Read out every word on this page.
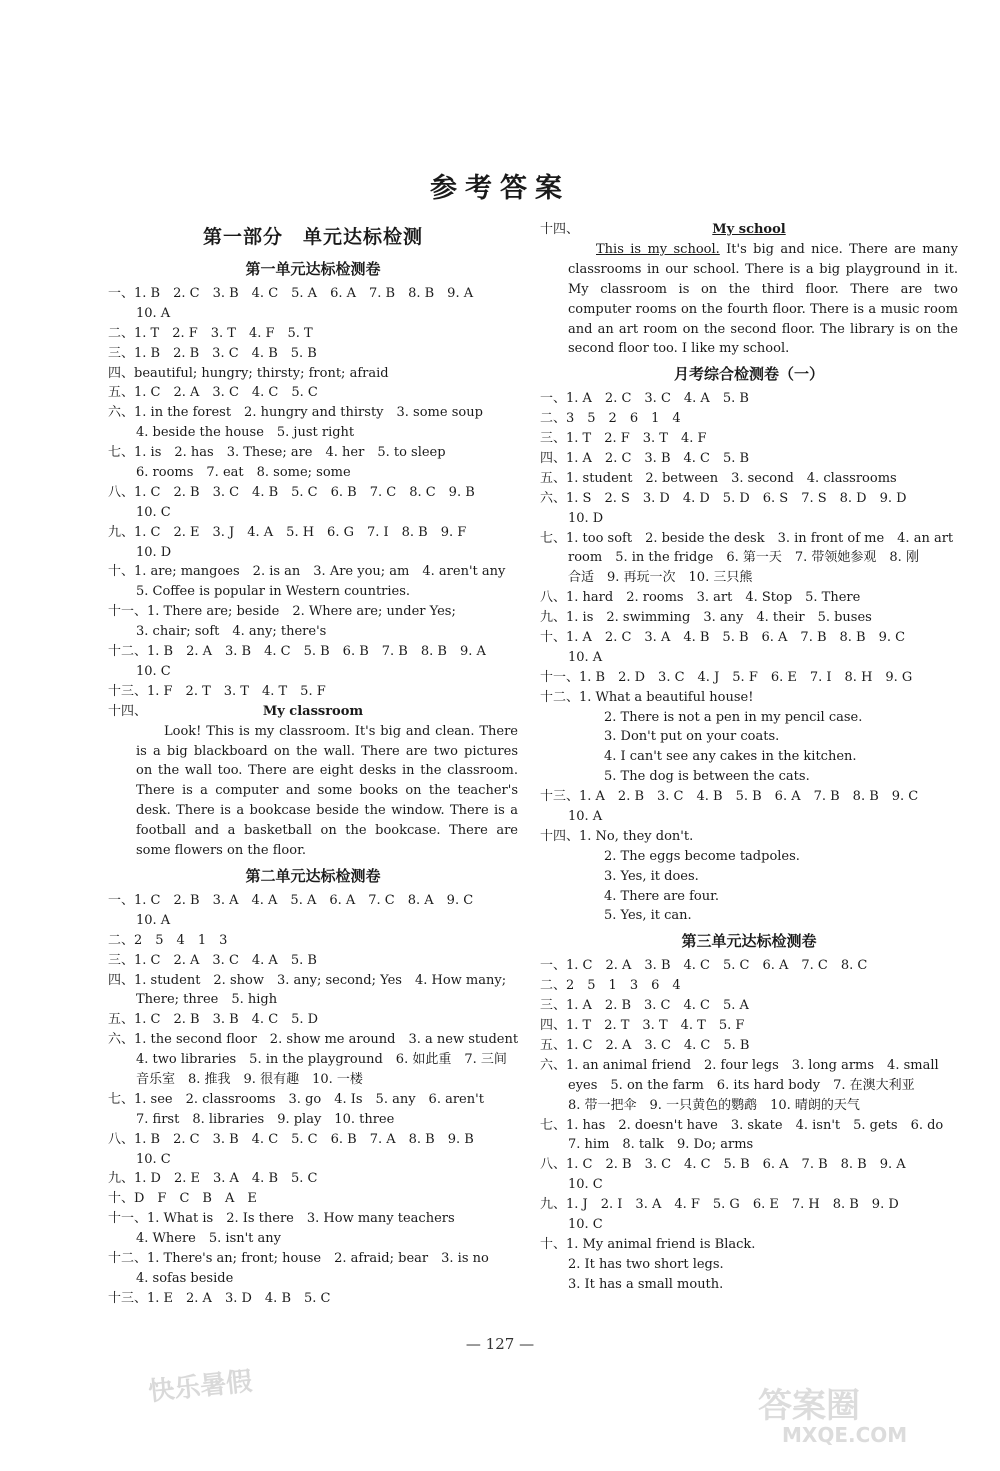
参考答案
第一部分　单元达标检测
第一单元达标检测卷
一、1. B　2. C　3. B　4. C　5. A　6. A　7. B　8. B　9. A
10. A
二、1. T　2. F　3. T　4. F　5. T
三、1. B　2. B　3. C　4. B　5. B
四、beautiful; hungry; thirsty; front; afraid
五、1. C　2. A　3. C　4. C　5. C
六、1. in the forest　2. hungry and thirsty　3. some soup
4. beside the house　5. just right
七、1. is　2. has　3. These; are　4. her　5. to sleep
6. rooms　7. eat　8. some; some
八、1. C　2. B　3. C　4. B　5. C　6. B　7. C　8. C　9. B
10. C
九、1. C　2. E　3. J　4. A　5. H　6. G　7. I　8. B　9. F
10. D
十、1. are; mangoes　2. is an　3. Are you; am　4. aren't any
5. Coffee is popular in Western countries.
十一、1. There are; beside　2. Where are; under Yes;
3. chair; soft　4. any; there's
十二、1. B　2. A　3. B　4. C　5. B　6. B　7. B　8. B　9. A
10. C
十三、1. F　2. T　3. T　4. T　5. F
十四、	My classroom
Look! This is my classroom. It's big and clean. There is a big blackboard on the wall. There are two pictures on the wall too. There are eight desks in the classroom. There is a computer and some books on the teacher's desk. There is a bookcase beside the window. There is a football and a basketball on the bookcase. There are some flowers on the floor.
第二单元达标检测卷
一、1. C　2. B　3. A　4. A　5. A　6. A　7. C　8. A　9. C
10. A
二、2　5　4　1　3
三、1. C　2. A　3. C　4. A　5. B
四、1. student　2. show　3. any; second; Yes　4. How many;
There; three　5. high
五、1. C　2. B　3. B　4. C　5. D
六、1. the second floor　2. show me around　3. a new student
4. two libraries　5. in the playground　6. 如此重　7. 三间
音乐室　8. 推我　9. 很有趣　10. 一楼
七、1. see　2. classrooms　3. go　4. Is　5. any　6. aren't
7. first　8. libraries　9. play　10. three
八、1. B　2. C　3. B　4. C　5. C　6. B　7. A　8. B　9. B
10. C
九、1. D　2. E　3. A　4. B　5. C
十、D　F　C　B　A　E
十一、1. What is　2. Is there　3. How many teachers
4. Where　5. isn't any
十二、1. There's an; front; house　2. afraid; bear　3. is no
4. sofas beside
十三、1. E　2. A　3. D　4. B　5. C
十四、	My school
This is my school. It's big and nice. There are many classrooms in our school. There is a big playground in it. My classroom is on the third floor. There are two computer rooms on the fourth floor. There is a music room and an art room on the second floor. The library is on the second floor too. I like my school.
月考综合检测卷（一）
一、1. A　2. C　3. C　4. A　5. B
二、3　5　2　6　1　4
三、1. T　2. F　3. T　4. F
四、1. A　2. C　3. B　4. C　5. B
五、1. student　2. between　3. second　4. classrooms
六、1. S　2. S　3. D　4. D　5. D　6. S　7. S　8. D　9. D
10. D
七、1. too soft　2. beside the desk　3. in front of me　4. an art
room　5. in the fridge　6. 第一天　7. 带领她参观　8. 刚
合适　9. 再玩一次　10. 三只熊
八、1. hard　2. rooms　3. art　4. Stop　5. There
九、1. is　2. swimming　3. any　4. their　5. buses
十、1. A　2. C　3. A　4. B　5. B　6. A　7. B　8. B　9. C
10. A
十一、1. B　2. D　3. C　4. J　5. F　6. E　7. I　8. H　9. G
十二、1. What a beautiful house!
2. There is not a pen in my pencil case.
3. Don't put on your coats.
4. I can't see any cakes in the kitchen.
5. The dog is between the cats.
十三、1. A　2. B　3. C　4. B　5. B　6. A　7. B　8. B　9. C
10. A
十四、1. No, they don't.
2. The eggs become tadpoles.
3. Yes, it does.
4. There are four.
5. Yes, it can.
第三单元达标检测卷
一、1. C　2. A　3. B　4. C　5. C　6. A　7. C　8. C
二、2　5　1　3　6　4
三、1. A　2. B　3. C　4. C　5. A
四、1. T　2. T　3. T　4. T　5. F
五、1. C　2. A　3. C　4. C　5. B
六、1. an animal friend　2. four legs　3. long arms　4. small
eyes　5. on the farm　6. its hard body　7. 在澳大利亚
8. 带一把伞　9. 一只黄色的鹦鹉　10. 晴朗的天气
七、1. has　2. doesn't have　3. skate　4. isn't　5. gets　6. do
7. him　8. talk　9. Do; arms
八、1. C　2. B　3. C　4. C　5. B　6. A　7. B　8. B　9. A
10. C
九、1. J　2. I　3. A　4. F　5. G　6. E　7. H　8. B　9. D
10. C
十、1. My animal friend is Black.
2. It has two short legs.
3. It has a small mouth.
— 127 —
快乐暑假	答案圈
MXQE.COM
